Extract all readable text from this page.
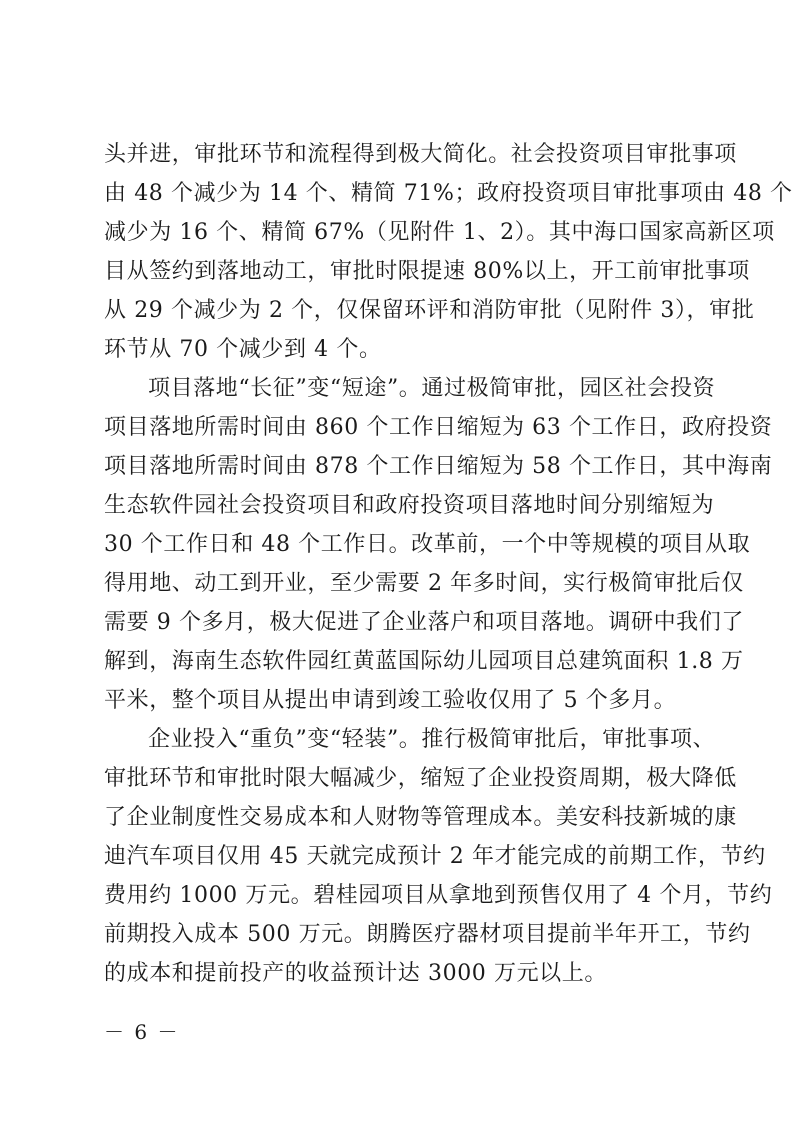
头并进，审批环节和流程得到极大简化。社会投资项目审批事项
由 48 个减少为 14 个、精简 71%；政府投资项目审批事项由 48 个
减少为 16 个、精简 67%（见附件 1、2）。其中海口国家高新区项
目从签约到落地动工，审批时限提速 80%以上，开工前审批事项
从 29 个减少为 2 个，仅保留环评和消防审批（见附件 3），审批
环节从 70 个减少到 4 个。

项目落地“长征”变“短途”。通过极简审批，园区社会投资
项目落地所需时间由 860 个工作日缩短为 63 个工作日，政府投资
项目落地所需时间由 878 个工作日缩短为 58 个工作日，其中海南
生态软件园社会投资项目和政府投资项目落地时间分别缩短为
30 个工作日和 48 个工作日。改革前，一个中等规模的项目从取
得用地、动工到开业，至少需要 2 年多时间，实行极简审批后仅
需要 9 个多月，极大促进了企业落户和项目落地。调研中我们了
解到，海南生态软件园红黄蓝国际幼儿园项目总建筑面积 1.8 万
平米，整个项目从提出申请到竣工验收仅用了 5 个多月。

企业投入“重负”变“轻装”。推行极简审批后，审批事项、
审批环节和审批时限大幅减少，缩短了企业投资周期，极大降低
了企业制度性交易成本和人财物等管理成本。美安科技新城的康
迪汽车项目仅用 45 天就完成预计 2 年才能完成的前期工作，节约
费用约 1000 万元。碧桂园项目从拿地到预售仅用了 4 个月，节约
前期投入成本 500 万元。朗腾医疗器材项目提前半年开工，节约
的成本和提前投产的收益预计达 3000 万元以上。

－ 6 －
